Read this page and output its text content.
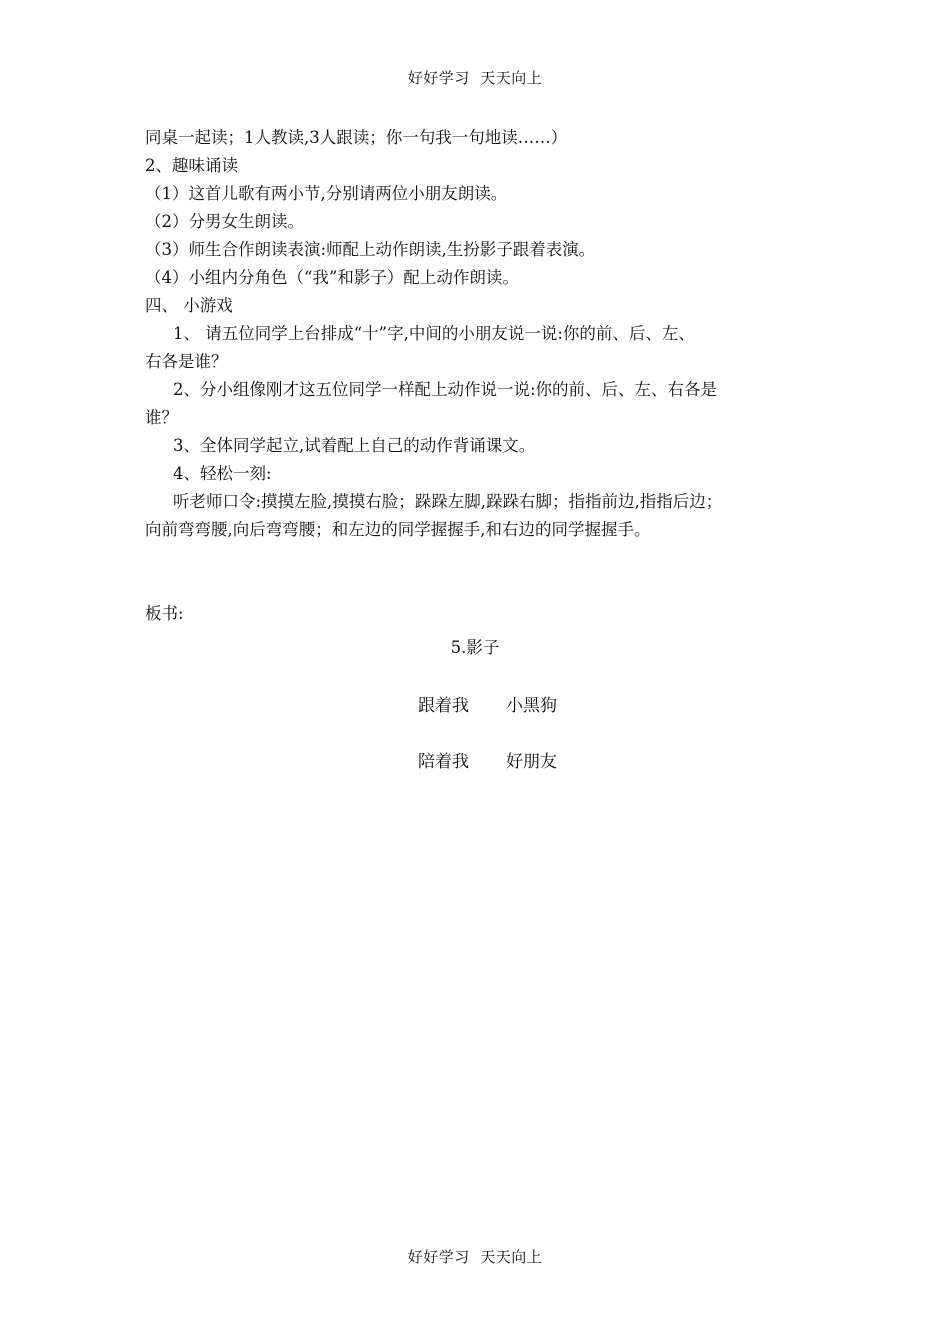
好好学习  天天向上
同桌一起读；1人教读,3人跟读；你一句我一句地读……）
2、趣味诵读
（1）这首儿歌有两小节,分别请两位小朋友朗读。
（2）分男女生朗读。
（3）师生合作朗读表演:师配上动作朗读,生扮影子跟着表演。
（4）小组内分角色（“我”和影子）配上动作朗读。
四、 小游戏
1、 请五位同学上台排成“十”字,中间的小朋友说一说:你的前、后、左、
右各是谁？
2、分小组像刚才这五位同学一样配上动作说一说:你的前、后、左、右各是
谁？
3、全体同学起立,试着配上自己的动作背诵课文。
4、轻松一刻:
听老师口令:摸摸左脸,摸摸右脸；跺跺左脚,跺跺右脚；指指前边,指指后边；
向前弯弯腰,向后弯弯腰；和左边的同学握握手,和右边的同学握握手。
板书:
5.影子
跟着我 小黑狗
陪着我 好朋友
好好学习  天天向上
